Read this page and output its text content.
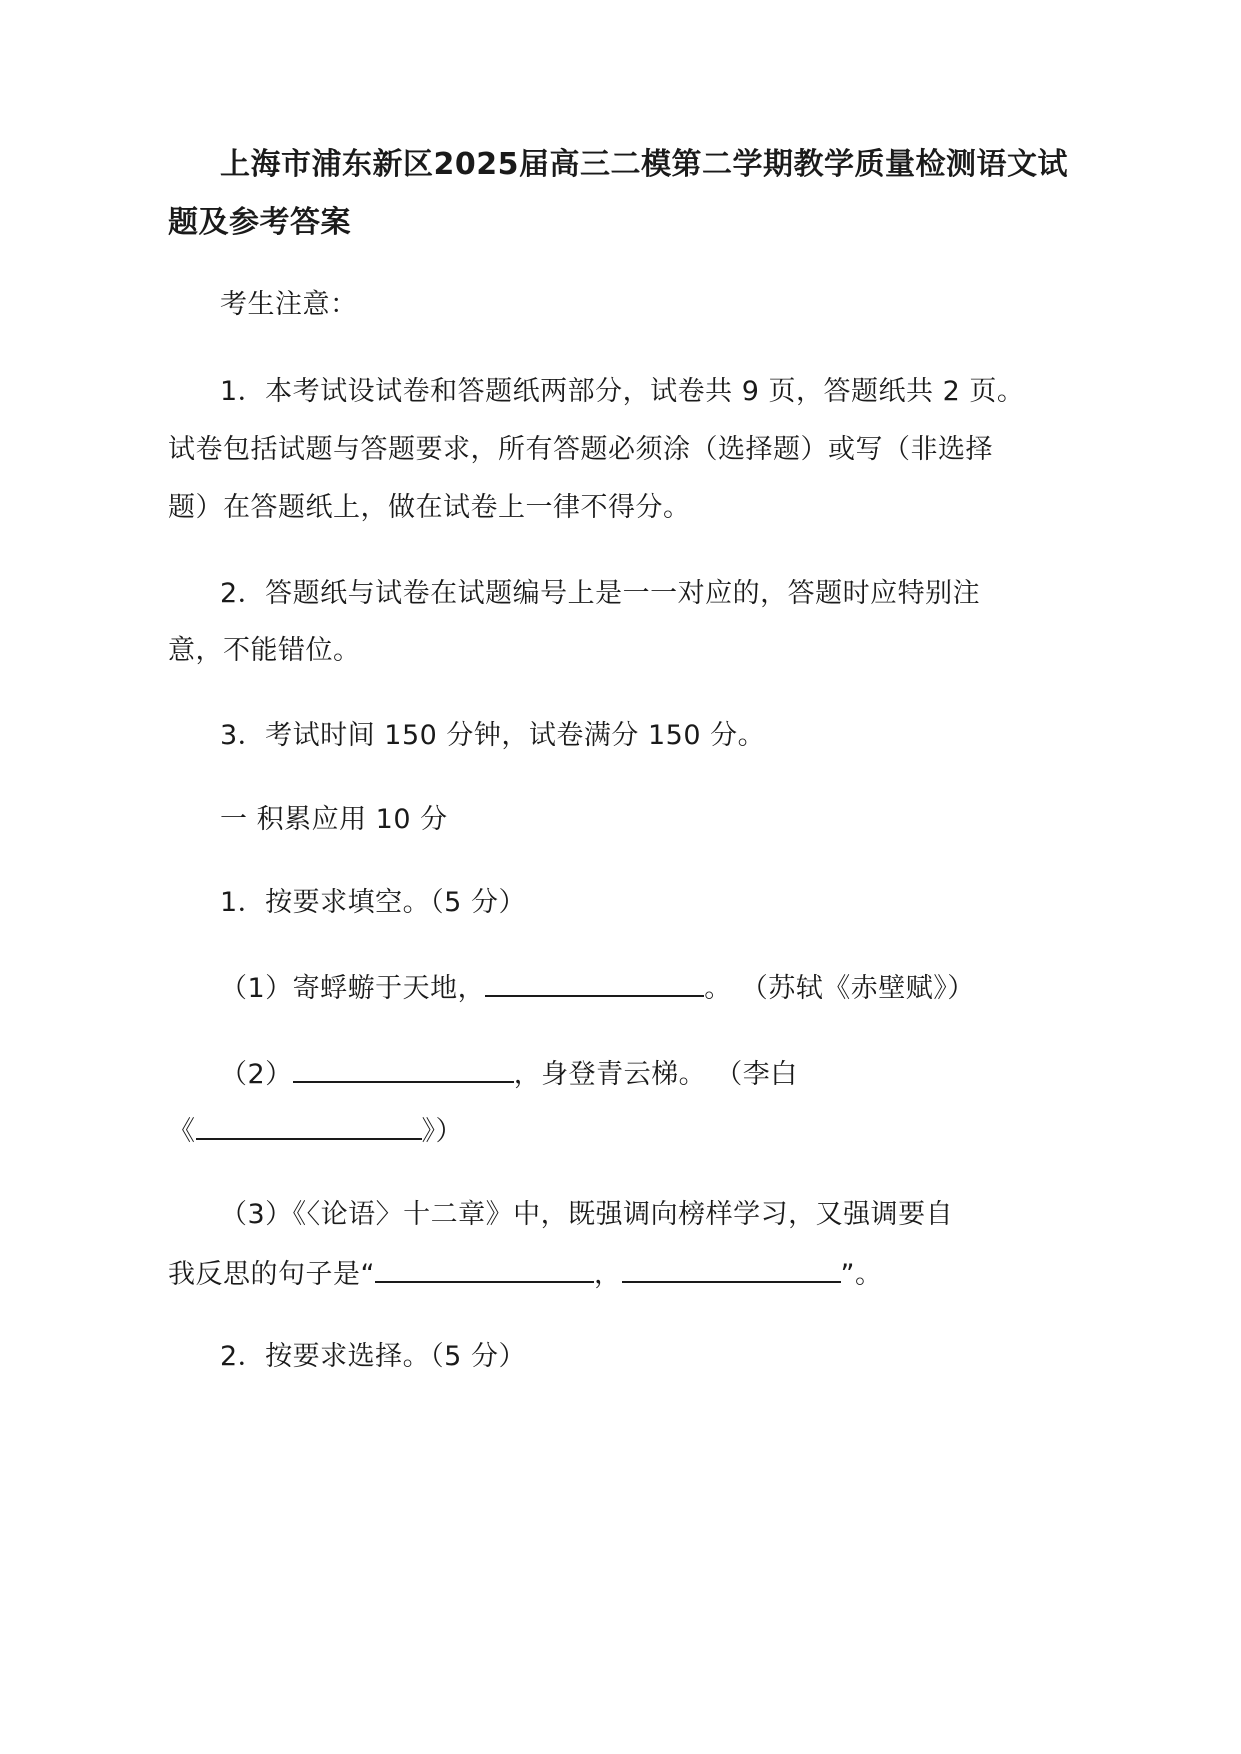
上海市浦东新区2025届高三二模第二学期教学质量检测语文试
题及参考答案
考生注意：
1．本考试设试卷和答题纸两部分，试卷共 9 页，答题纸共 2 页。
试卷包括试题与答题要求，所有答题必须涂（选择题）或写（非选择
题）在答题纸上，做在试卷上一律不得分。
2．答题纸与试卷在试题编号上是一一对应的，答题时应特别注
意，不能错位。
3．考试时间 150 分钟，试卷满分 150 分。
一 积累应用 10 分
1．按要求填空。（5 分）
（1）寄蜉蝣于天地，	。 （苏轼《赤壁赋》）
（2）	，身登青云梯。 （李白
《	》）
（3）《〈论语〉十二章》中，既强调向榜样学习，又强调要自
我反思的句子是“	，	”。
2．按要求选择。（5 分）
